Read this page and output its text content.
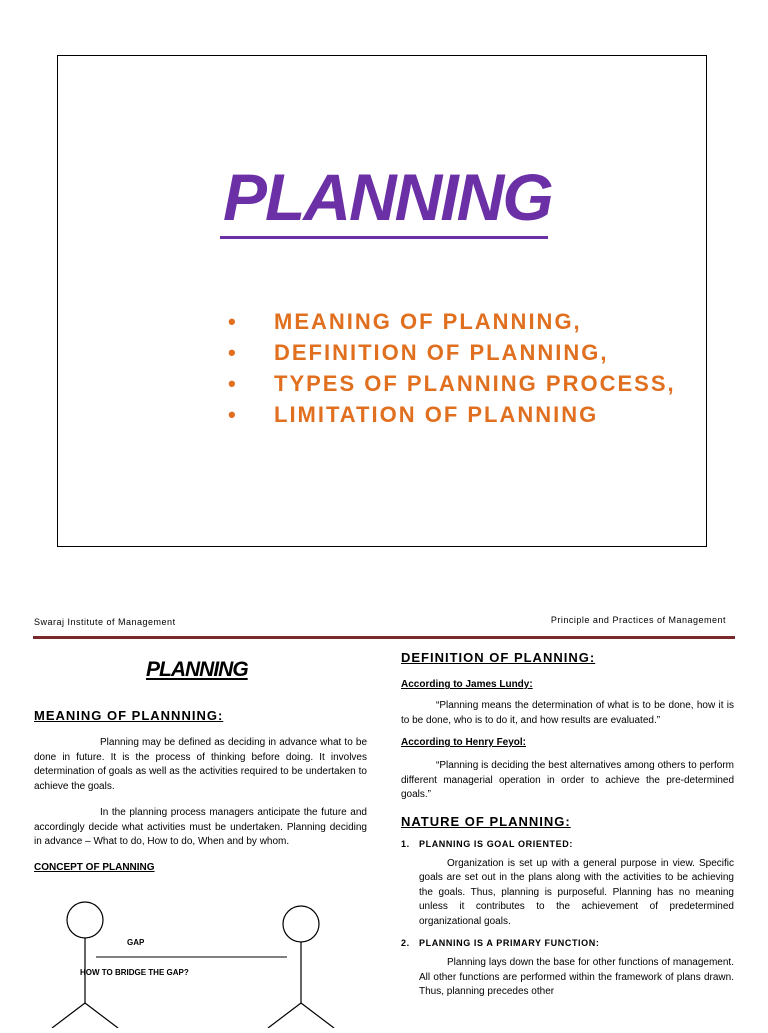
PLANNING
• MEANING OF PLANNING,
• DEFINITION OF PLANNING,
• TYPES OF PLANNING PROCESS,
• LIMITATION OF PLANNING
Swaraj Institute of Management	Principle and Practices of Management
PLANNING
MEANING OF PLANNNING:

Planning may be defined as deciding in advance what to be done in future. It is the process of thinking before doing. It involves determination of goals as well as the activities required to be undertaken to achieve the goals.

In the planning process managers anticipate the future and accordingly decide what activities must be undertaken. Planning deciding in advance – What to do, How to do, When and by whom.

CONCEPT OF PLANNING
GAP
HOW TO BRIDGE THE GAP?
DEFINITION OF PLANNING:
According to James Lundy:

“Planning means the determination of what is to be done, how it is to be done, who is to do it, and how results are evaluated.”

According to Henry Feyol:

“Planning is deciding the best alternatives among others to perform different managerial operation in order to achieve the pre-determined goals.”

NATURE OF PLANNING:
1. PLANNING IS GOAL ORIENTED:

Organization is set up with a general purpose in view. Specific goals are set out in the plans along with the activities to be achieving the goals. Thus, planning is purposeful. Planning has no meaning unless it contributes to the achievement of predetermined organizational goals.

2. PLANNING IS A PRIMARY FUNCTION:

Planning lays down the base for other functions of management. All other functions are performed within the framework of plans drawn. Thus, planning precedes other
